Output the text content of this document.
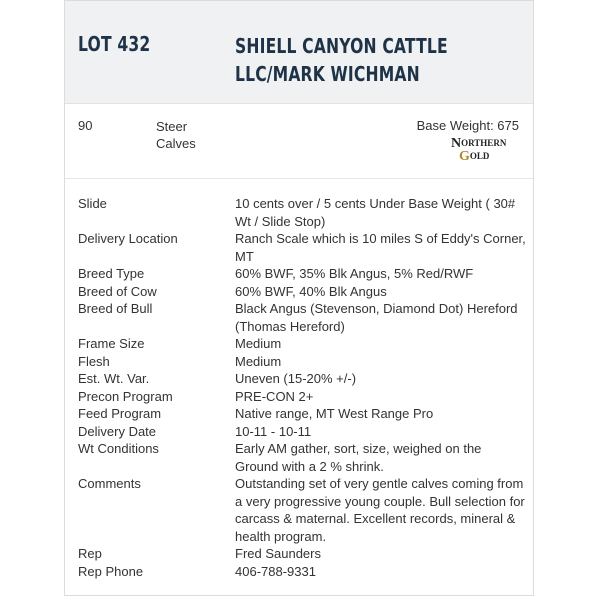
LOT 432	SHIELL CANYON CATTLE LLC/MARK WICHMAN
90	Steer Calves
Base Weight: 675
NORTHERN
GOLD
Slide	10 cents over / 5 cents Under Base Weight ( 30# Wt / Slide Stop)
Delivery Location	Ranch Scale which is 10 miles S of Eddy's Corner, MT
Breed Type	60% BWF, 35% Blk Angus, 5% Red/RWF
Breed of Cow	60% BWF, 40% Blk Angus
Breed of Bull	Black Angus (Stevenson, Diamond Dot) Hereford (Thomas Hereford)
Frame Size	Medium
Flesh	Medium
Est. Wt. Var.	Uneven (15-20% +/-)
Precon Program	PRE-CON 2+
Feed Program	Native range, MT West Range Pro
Delivery Date	10-11 - 10-11
Wt Conditions	Early AM gather, sort, size, weighed on the Ground with a 2 % shrink.
Comments	Outstanding set of very gentle calves coming from a very progressive young couple. Bull selection for carcass & maternal. Excellent records, mineral & health program.
Rep	Fred Saunders
Rep Phone	406-788-9331
